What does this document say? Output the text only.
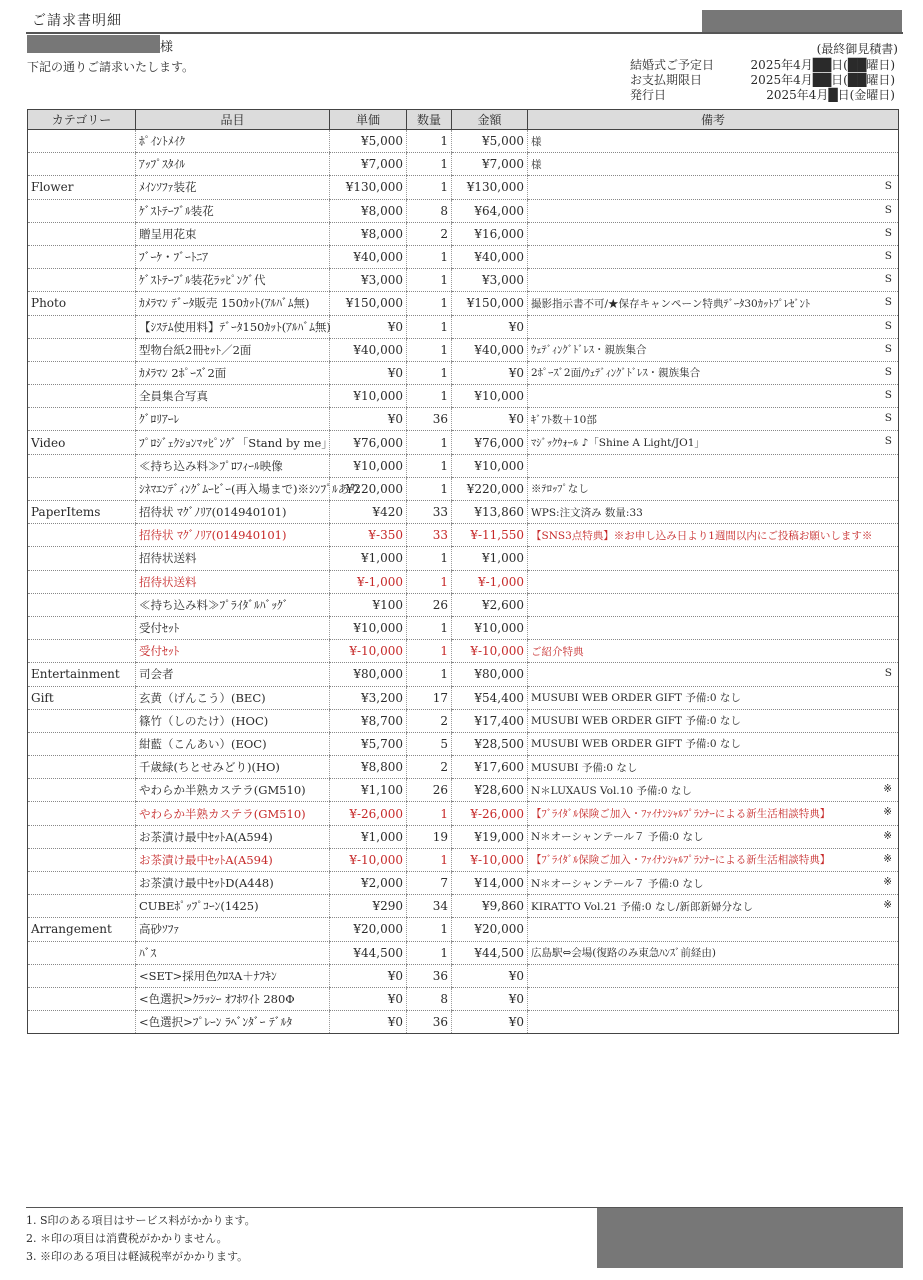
ご請求書明細
様
下記の通りご請求いたします。
(最終御見積書)
結婚式ご予定日	2025年4月██日(██曜日)
お支払期限日	2025年4月██日(██曜日)
発行日	2025年4月█日(金曜日)
カテゴリー	品目	単価	数量	金額	備考
	ﾎﾟｲﾝﾄﾒｲｸ	¥5,000	1	¥5,000	様

	ｱｯﾌﾟｽﾀｲﾙ	¥7,000	1	¥7,000	様

Flower	ﾒｲﾝｿﾌｧ装花	¥130,000	1	¥130,000	S

	ｹﾞｽﾄﾃｰﾌﾞﾙ装花	¥8,000	8	¥64,000	S

	贈呈用花束	¥8,000	2	¥16,000	S

	ﾌﾞｰｹ・ﾌﾞｰﾄﾆｱ	¥40,000	1	¥40,000	S

	ｹﾞｽﾄﾃｰﾌﾞﾙ装花ﾗｯﾋﾟﾝｸﾞ代	¥3,000	1	¥3,000	S

Photo	ｶﾒﾗﾏﾝ ﾃﾞｰﾀ販売 150ｶｯﾄ(ｱﾙﾊﾞﾑ無)	¥150,000	1	¥150,000	撮影指示書不可/★保存キャンペーン特典ﾃﾞｰﾀ30ｶｯﾄﾌﾟﾚｾﾞﾝﾄ S

	【ｼｽﾃﾑ使用料】ﾃﾞｰﾀ150ｶｯﾄ(ｱﾙﾊﾞﾑ無)	¥0	1	¥0	S

	型物台紙2冊ｾｯﾄ／2面	¥40,000	1	¥40,000	ｳｪﾃﾞｨﾝｸﾞﾄﾞﾚｽ・親族集合 S

	ｶﾒﾗﾏﾝ 2ﾎﾟｰｽﾞ2面	¥0	1	¥0	2ﾎﾟｰｽﾞ2面/ｳｪﾃﾞｨﾝｸﾞﾄﾞﾚｽ・親族集合 S

	全員集合写真	¥10,000	1	¥10,000	S

	ｸﾞﾛﾘｱｰﾚ	¥0	36	¥0	ｷﾞﾌﾄ数＋10部 S

Video	ﾌﾟﾛｼﾞｪｸｼｮﾝﾏｯﾋﾟﾝｸﾞ「Stand by me」	¥76,000	1	¥76,000	ﾏｼﾞｯｸｳｫｰﾙ ♪「Shine A Light/JO1」 S

	≪持ち込み料≫ﾌﾟﾛﾌｨｰﾙ映像	¥10,000	1	¥10,000	

	ｼﾈﾏｴﾝﾃﾞｨﾝｸﾞﾑｰﾋﾞｰ(再入場まで)※ｼﾝﾌﾟﾙあり	¥220,000	1	¥220,000	※ﾃﾛｯﾌﾟなし

PaperItems	招待状 ﾏｸﾞﾉﾘｱ(014940101)	¥420	33	¥13,860	WPS:注文済み 数量:33

	招待状 ﾏｸﾞﾉﾘｱ(014940101)	¥-350	33	¥-11,550	【SNS3点特典】※お申し込み日より1週間以内にご投稿お願いします※

	招待状送料	¥1,000	1	¥1,000	

	招待状送料	¥-1,000	1	¥-1,000	

	≪持ち込み料≫ﾌﾟﾗｲﾀﾞﾙﾊﾞｯｸﾞ	¥100	26	¥2,600	

	受付ｾｯﾄ	¥10,000	1	¥10,000	

	受付ｾｯﾄ	¥-10,000	1	¥-10,000	ご紹介特典

Entertainment	司会者	¥80,000	1	¥80,000	S

Gift	玄黄（げんこう）(BEC)	¥3,200	17	¥54,400	MUSUBI WEB ORDER GIFT 予備:0 なし

	篠竹（しのたけ）(HOC)	¥8,700	2	¥17,400	MUSUBI WEB ORDER GIFT 予備:0 なし

	紺藍（こんあい）(EOC)	¥5,700	5	¥28,500	MUSUBI WEB ORDER GIFT 予備:0 なし

	千歳緑(ちとせみどり)(HO)	¥8,800	2	¥17,600	MUSUBI 予備:0 なし

	やわらか半熟カステラ(GM510)	¥1,100	26	¥28,600	N＊LUXAUS Vol.10 予備:0 なし ※

	やわらか半熟カステラ(GM510)	¥-26,000	1	¥-26,000	【ﾌﾞﾗｲﾀﾞﾙ保険ご加入・ﾌｧｲﾅﾝｼｬﾙﾌﾟﾗﾝﾅｰによる新生活相談特典】 ※

	お茶漬け最中ｾｯﾄA(A594)	¥1,000	19	¥19,000	N＊オーシャンテール７ 予備:0 なし ※

	お茶漬け最中ｾｯﾄA(A594)	¥-10,000	1	¥-10,000	【ﾌﾞﾗｲﾀﾞﾙ保険ご加入・ﾌｧｲﾅﾝｼｬﾙﾌﾟﾗﾝﾅｰによる新生活相談特典】 ※

	お茶漬け最中ｾｯﾄD(A448)	¥2,000	7	¥14,000	N＊オーシャンテール７ 予備:0 なし ※

	CUBEﾎﾟｯﾌﾟｺｰﾝ(1425)	¥290	34	¥9,860	KIRATTO Vol.21 予備:0 なし/新郎新婦分なし ※

Arrangement	高砂ｿﾌｧ	¥20,000	1	¥20,000	

	ﾊﾞｽ	¥44,500	1	¥44,500	広島駅⇔会場(復路のみ東急ﾊﾝｽﾞ前経由)

	<SET>採用色ｸﾛｽA＋ﾅﾌｷﾝ	¥0	36	¥0	

	<色選択>ｸﾗｯｼｰ ｵﾌﾎﾜｲﾄ 280Φ	¥0	8	¥0	

	<色選択>ﾌﾟﾚｰﾝ ﾗﾍﾞﾝﾀﾞｰ ﾃﾞﾙﾀ	¥0	36	¥0	
1. S印のある項目はサービス料がかかります。
2. ＊印の項目は消費税がかかりません。
3. ※印のある項目は軽減税率がかかります。
